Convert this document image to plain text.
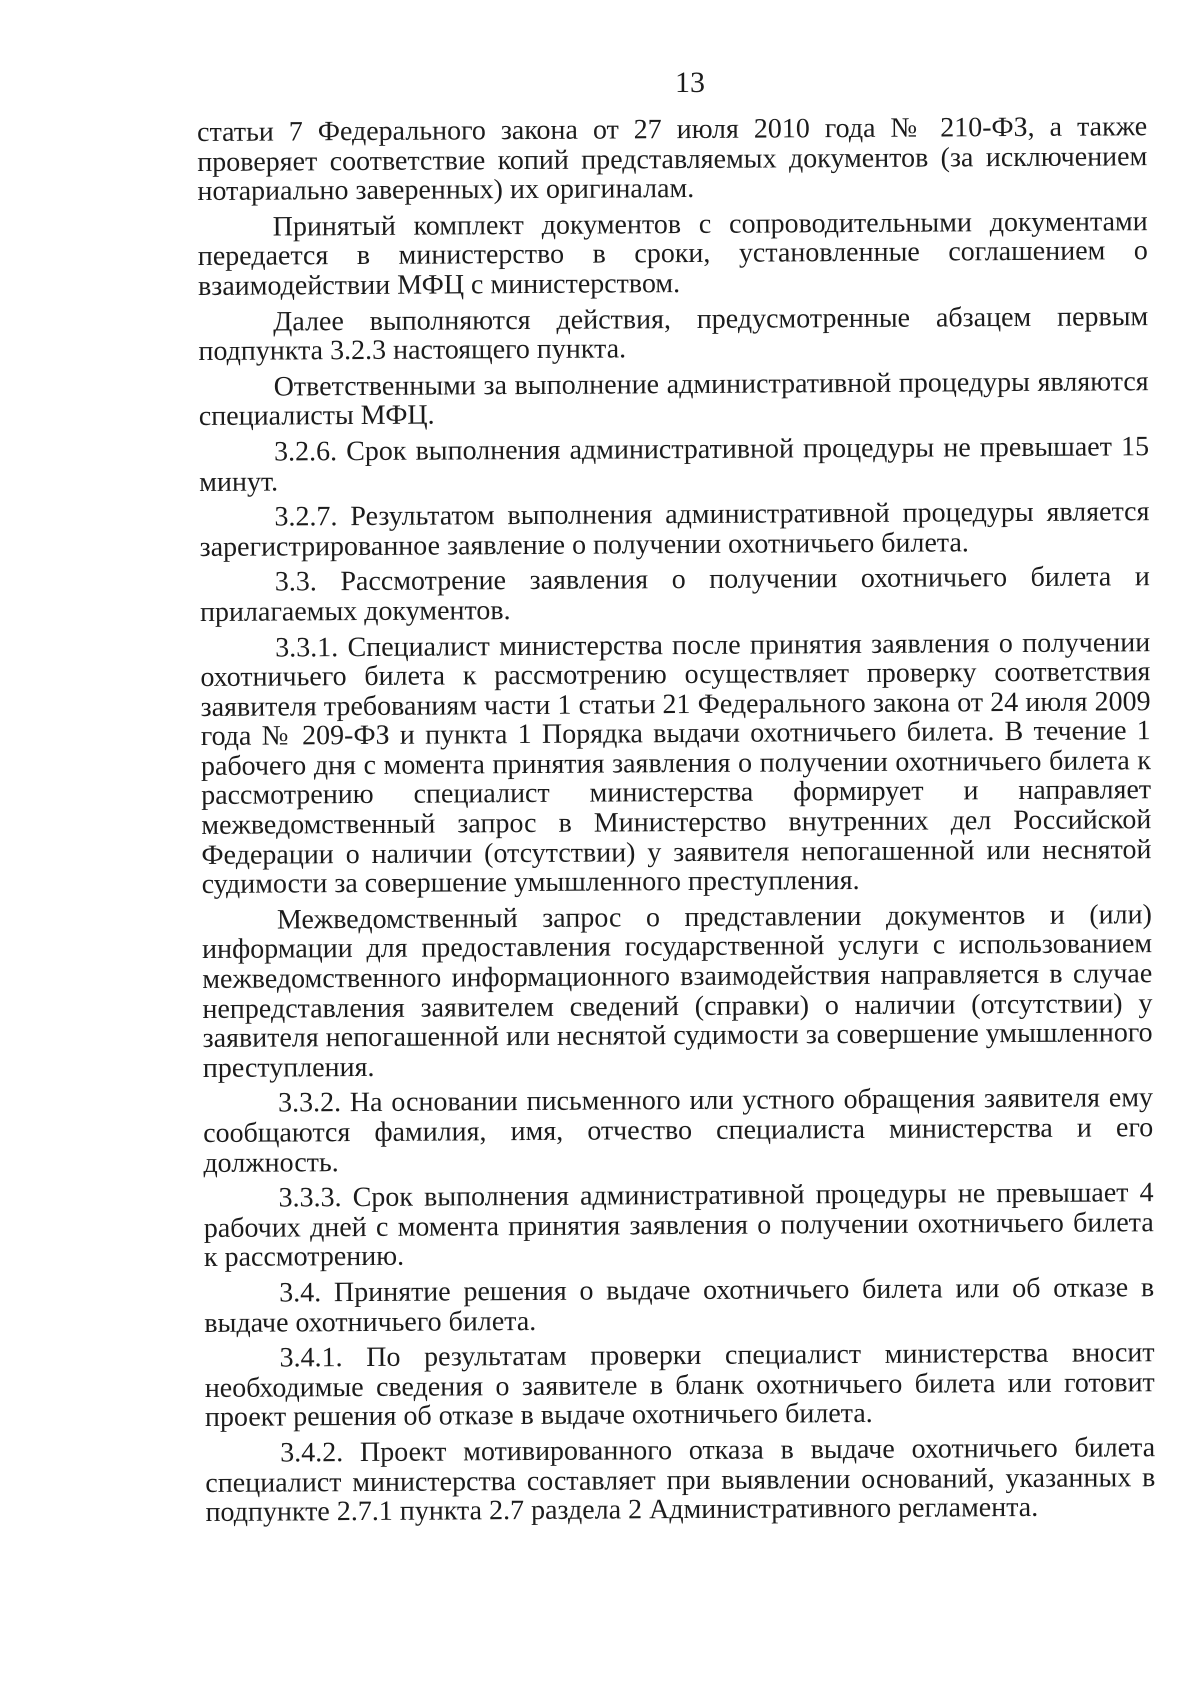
13

статьи 7 Федерального закона от 27 июля 2010 года № 210-ФЗ, а также проверяет соответствие копий представляемых документов (за исключением нотариально заверенных) их оригиналам.

Принятый комплект документов с сопроводительными документами передается в министерство в сроки, установленные соглашением о взаимодействии МФЦ с министерством.

Далее выполняются действия, предусмотренные абзацем первым подпункта 3.2.3 настоящего пункта.

Ответственными за выполнение административной процедуры являются специалисты МФЦ.

3.2.6. Срок выполнения административной процедуры не превышает 15 минут.

3.2.7. Результатом выполнения административной процедуры является зарегистрированное заявление о получении охотничьего билета.

3.3. Рассмотрение заявления о получении охотничьего билета и прилагаемых документов.

3.3.1. Специалист министерства после принятия заявления о получении охотничьего билета к рассмотрению осуществляет проверку соответствия заявителя требованиям части 1 статьи 21 Федерального закона от 24 июля 2009 года № 209-ФЗ и пункта 1 Порядка выдачи охотничьего билета. В течение 1 рабочего дня с момента принятия заявления о получении охотничьего билета к рассмотрению специалист министерства формирует и направляет межведомственный запрос в Министерство внутренних дел Российской Федерации о наличии (отсутствии) у заявителя непогашенной или неснятой судимости за совершение умышленного преступления.

Межведомственный запрос о представлении документов и (или) информации для предоставления государственной услуги с использованием межведомственного информационного взаимодействия направляется в случае непредставления заявителем сведений (справки) о наличии (отсутствии) у заявителя непогашенной или неснятой судимости за совершение умышленного преступления.

3.3.2. На основании письменного или устного обращения заявителя ему сообщаются фамилия, имя, отчество специалиста министерства и его должность.

3.3.3. Срок выполнения административной процедуры не превышает 4 рабочих дней с момента принятия заявления о получении охотничьего билета к рассмотрению.

3.4. Принятие решения о выдаче охотничьего билета или об отказе в выдаче охотничьего билета.

3.4.1. По результатам проверки специалист министерства вносит необходимые сведения о заявителе в бланк охотничьего билета или готовит проект решения об отказе в выдаче охотничьего билета.

3.4.2. Проект мотивированного отказа в выдаче охотничьего билета специалист министерства составляет при выявлении оснований, указанных в подпункте 2.7.1 пункта 2.7 раздела 2 Административного регламента.
